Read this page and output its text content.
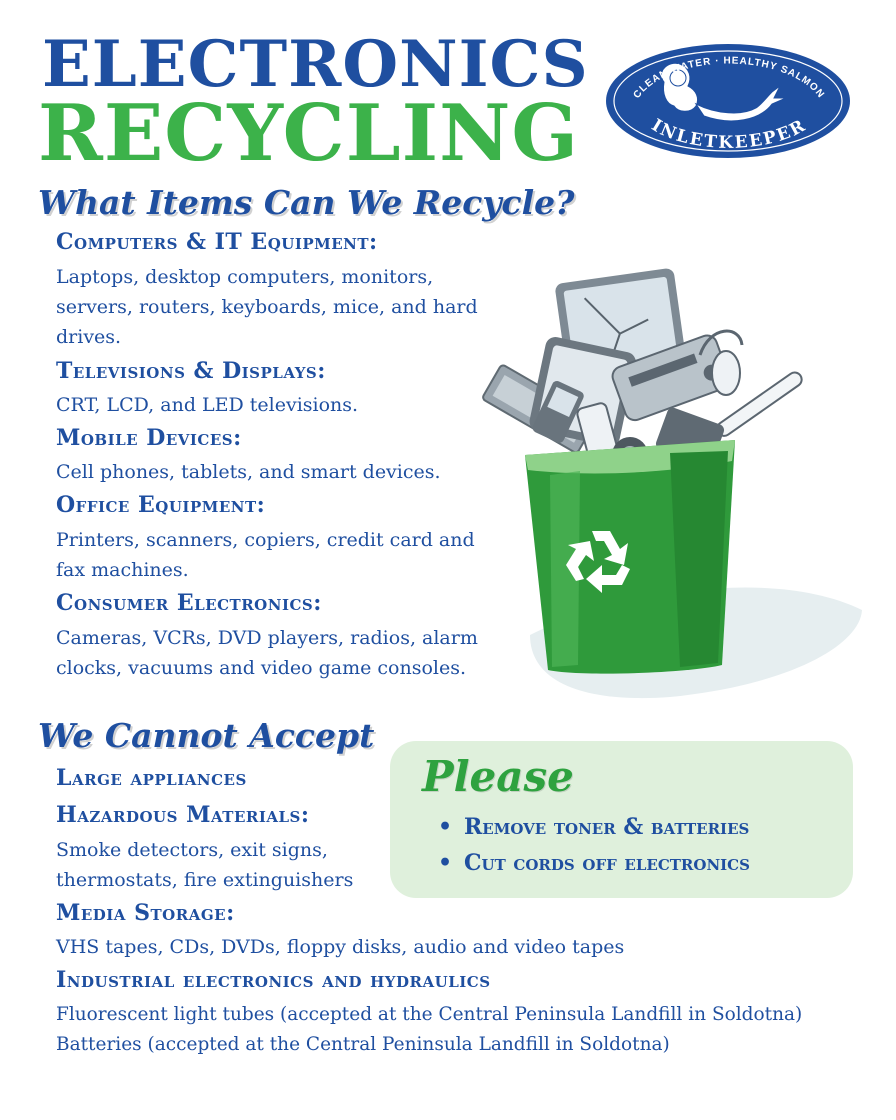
ELECTRONICS
RECYCLING	CLEAN WATER · HEALTHY SALMON
INLETKEEPER
What Items Can We Recycle?
Computers & IT Equipment:
Laptops, desktop computers, monitors,
servers, routers, keyboards, mice, and hard
drives.
Televisions & Displays:
CRT, LCD, and LED televisions.
Mobile Devices:
Cell phones, tablets, and smart devices.
Office Equipment:
Printers, scanners, copiers, credit card and
fax machines.
Consumer Electronics:
Cameras, VCRs, DVD players, radios, alarm
clocks, vacuums and video game consoles.
We Cannot Accept
Large appliances
Hazardous Materials:
Smoke detectors, exit signs,
thermostats, fire extinguishers
Media Storage:
VHS tapes, CDs, DVDs, floppy disks, audio and video tapes
Industrial electronics and hydraulics
Fluorescent light tubes (accepted at the Central Peninsula Landfill in Soldotna)
Batteries (accepted at the Central Peninsula Landfill in Soldotna)
Please
• Remove toner & batteries
• Cut cords off electronics
